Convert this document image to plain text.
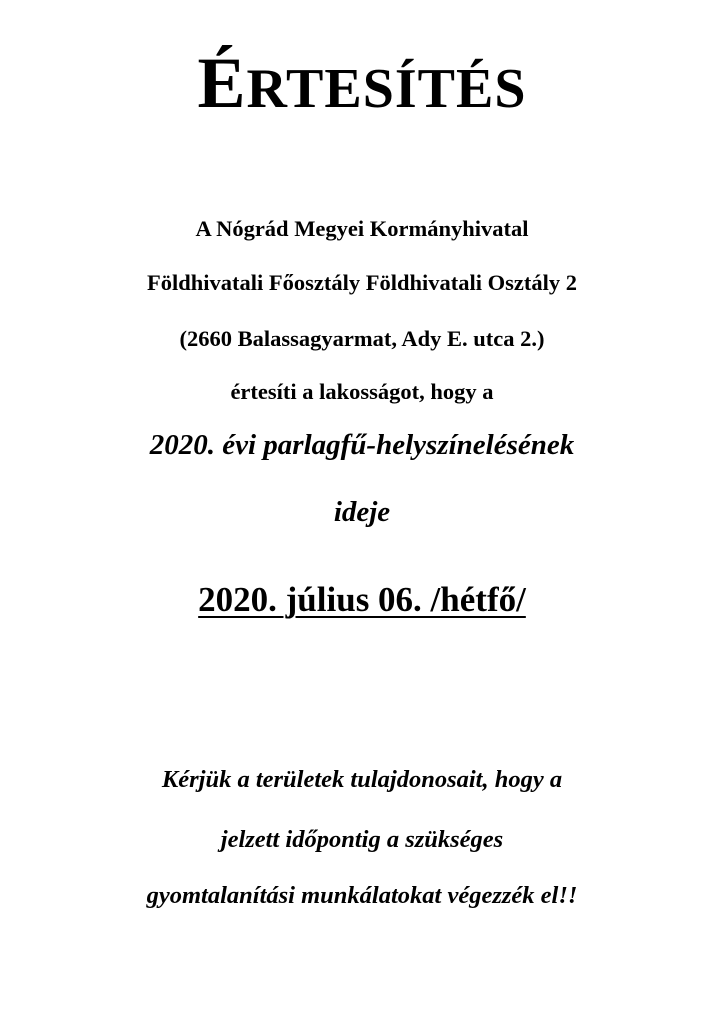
ÉRTESÍTÉS
A Nógrád Megyei Kormányhivatal
Földhivatali Főosztály Földhivatali Osztály 2
(2660 Balassagyarmat, Ady E. utca 2.)
értesíti a lakosságot, hogy a
2020. évi parlagfű-helyszínelésének
ideje
2020. július 06. /hétfő/
Kérjük a területek tulajdonosait, hogy a
jelzett időpontig a szükséges
gyomtalanítási munkálatokat végezzék el!!
